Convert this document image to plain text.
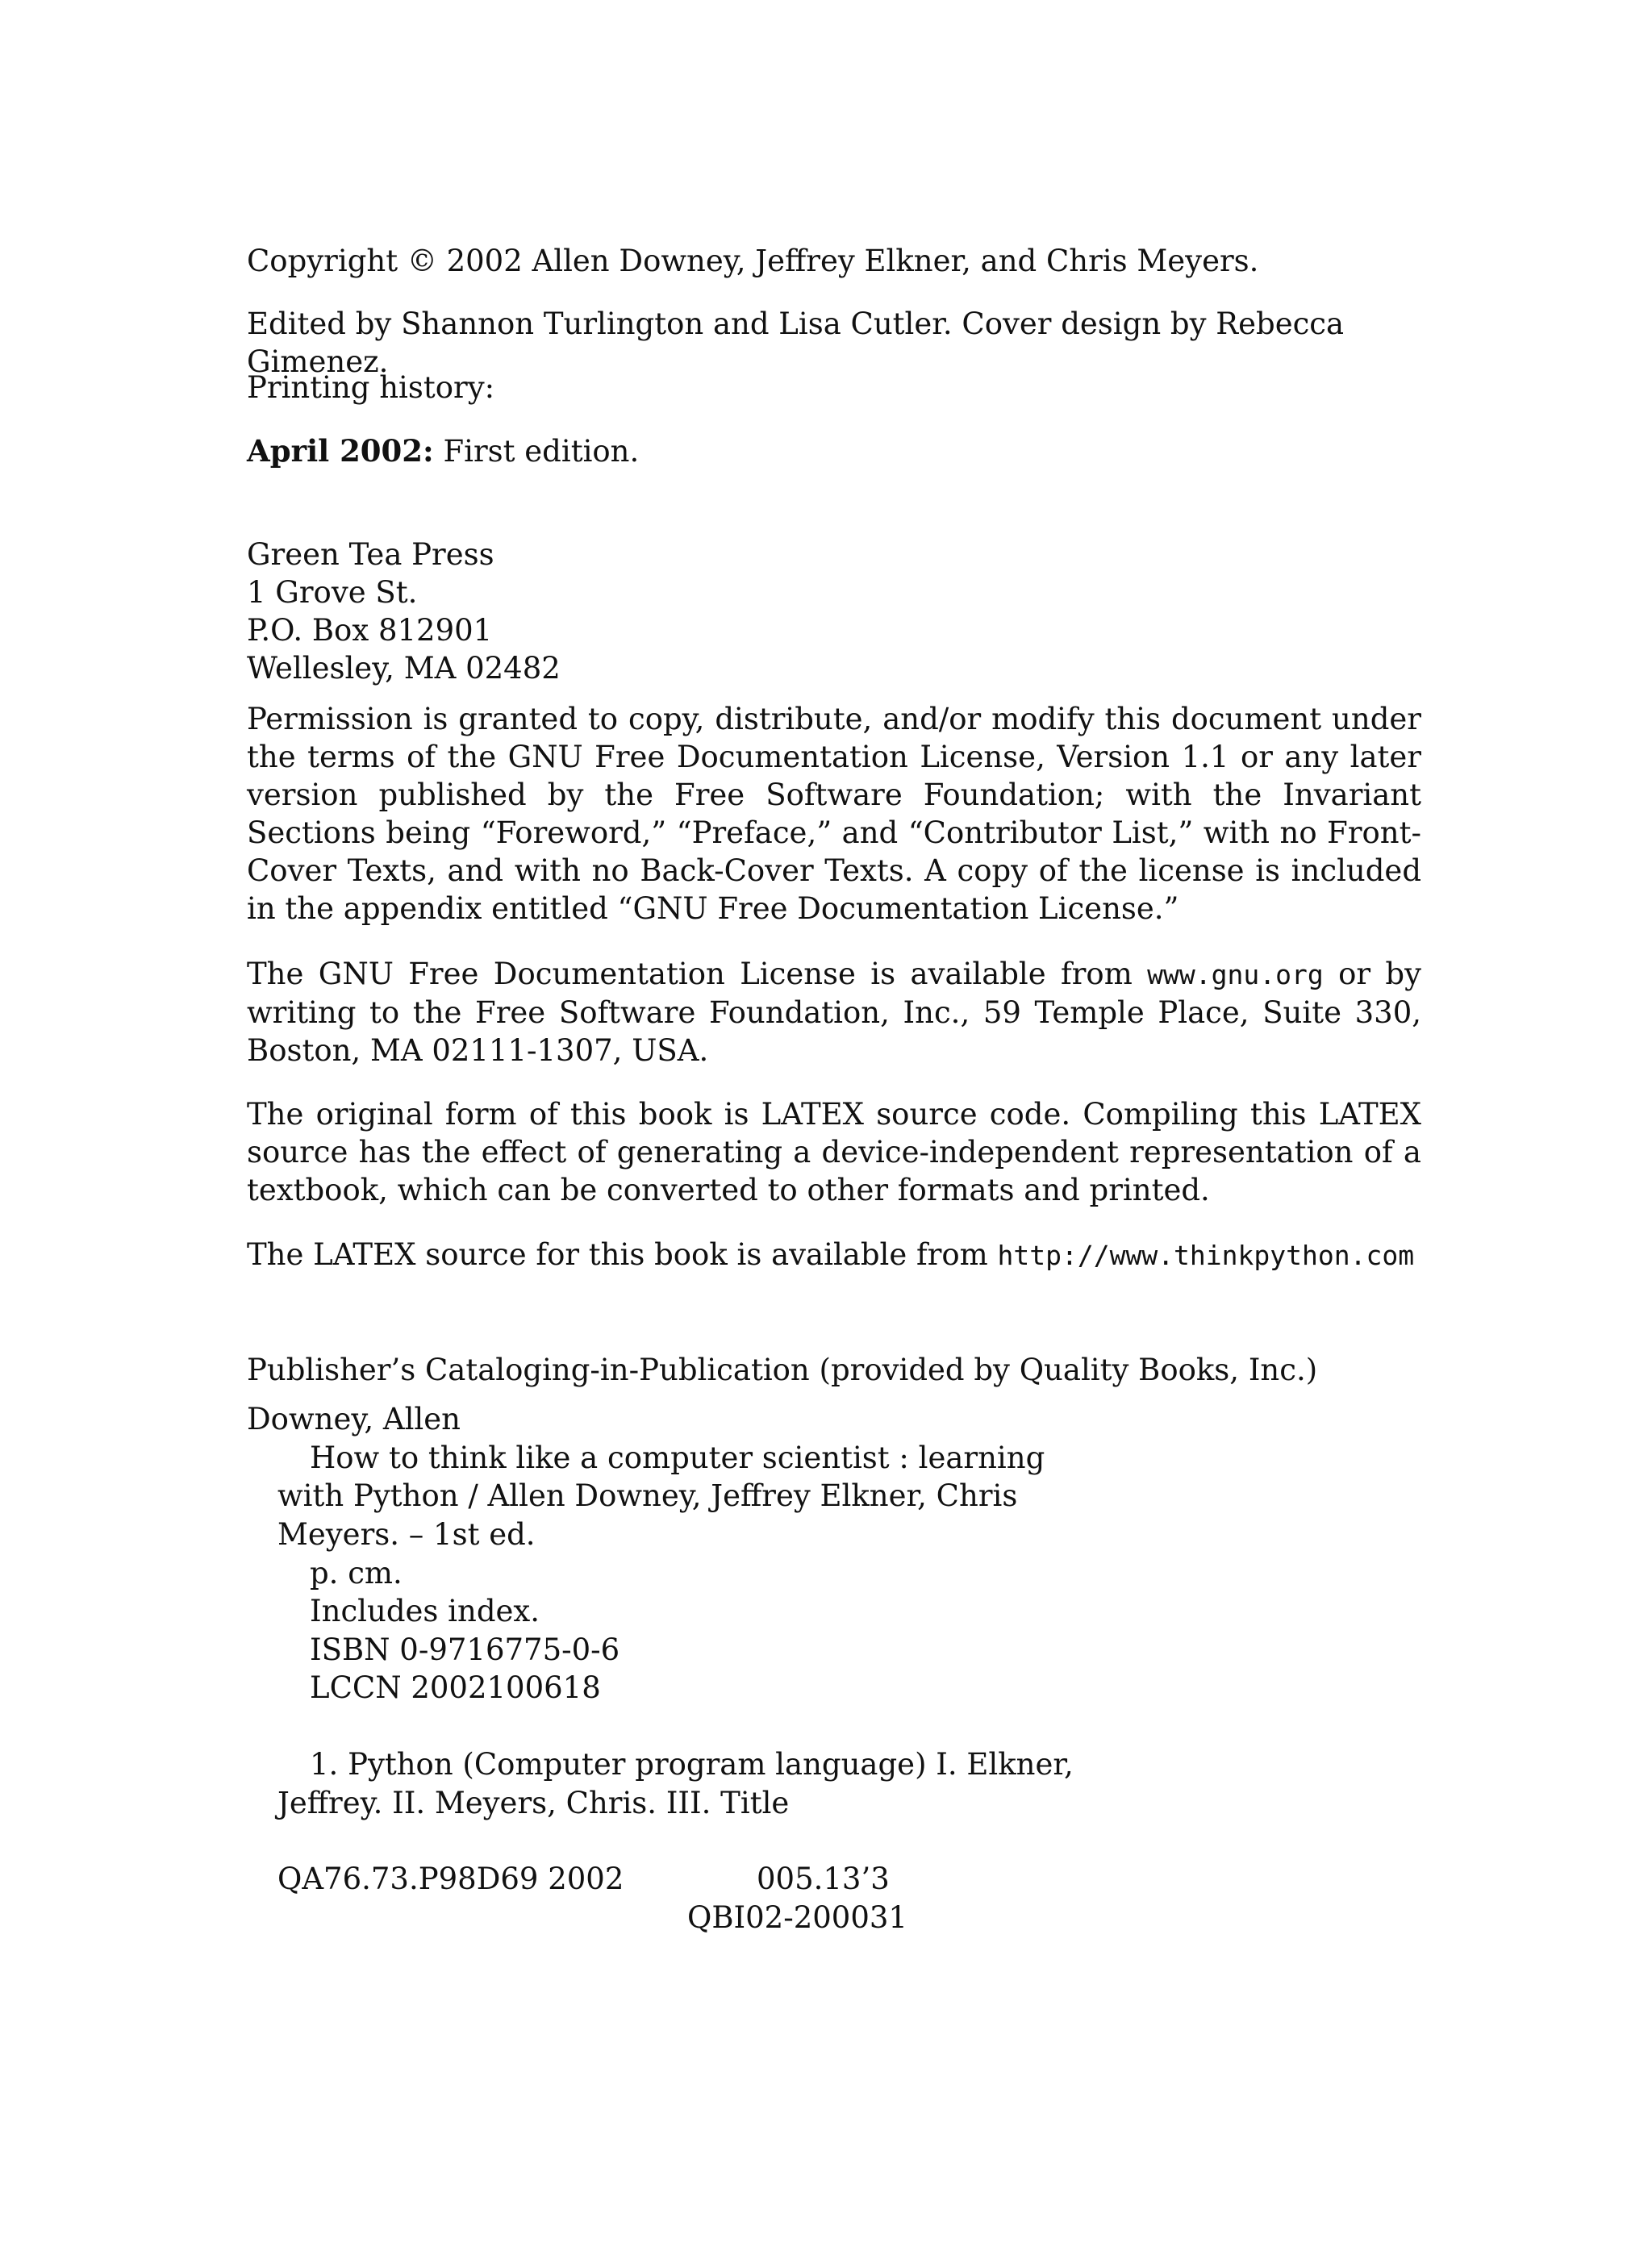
Copyright © 2002 Allen Downey, Jeffrey Elkner, and Chris Meyers.
Edited by Shannon Turlington and Lisa Cutler. Cover design by Rebecca Gimenez.
Printing history:
April 2002: First edition.
Green Tea Press
1 Grove St.
P.O. Box 812901
Wellesley, MA 02482
Permission is granted to copy, distribute, and/or modify this document under the terms of the GNU Free Documentation License, Version 1.1 or any later version published by the Free Software Foundation; with the Invariant Sections being “Foreword,” “Preface,” and “Contributor List,” with no Front-Cover Texts, and with no Back-Cover Texts. A copy of the license is included in the appendix entitled “GNU Free Documentation License.”
The GNU Free Documentation License is available from www.gnu.org or by writing to the Free Software Foundation, Inc., 59 Temple Place, Suite 330, Boston, MA 02111-1307, USA.
The original form of this book is LATEX source code. Compiling this LATEX source has the effect of generating a device-independent representation of a textbook, which can be converted to other formats and printed.
The LATEX source for this book is available from http://www.thinkpython.com
Publisher’s Cataloging-in-Publication (provided by Quality Books, Inc.)
Downey, Allen
How to think like a computer scientist : learning
with Python / Allen Downey, Jeffrey Elkner, Chris
Meyers. – 1st ed.
p. cm.
Includes index.
ISBN 0-9716775-0-6
LCCN 2002100618
1. Python (Computer program language) I. Elkner,
Jeffrey. II. Meyers, Chris. III. Title
QA76.73.P98D69 2002	005.13’3
QBI02-200031
